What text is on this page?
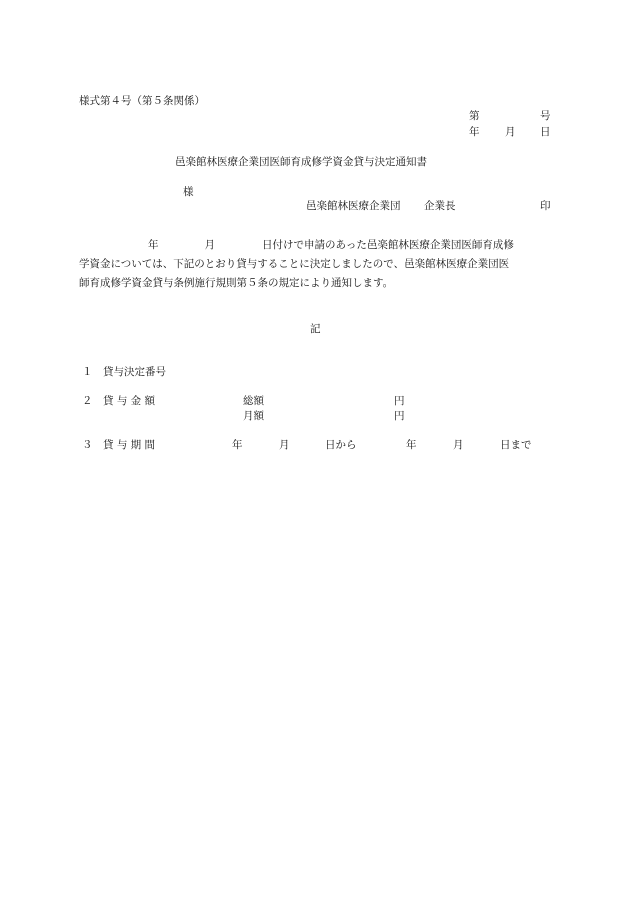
様式第４号（第５条関係）
第	号
年 月 日
邑楽館林医療企業団医師育成修学資金貸与決定通知書
様
邑楽館林医療企業団 企業長	印
年	月	日付けで申請のあった邑楽館林医療企業団医師育成修
学資金については、下記のとおり貸与することに決定しましたので、邑楽館林医療企業団医
師育成修学資金貸与条例施行規則第５条の規定により通知します。
記
１ 貸与決定番号
２ 貸 与 金 額	総額	円
月額	円
３ 貸 与 期 間	年	月	日から	年	月	日まで
